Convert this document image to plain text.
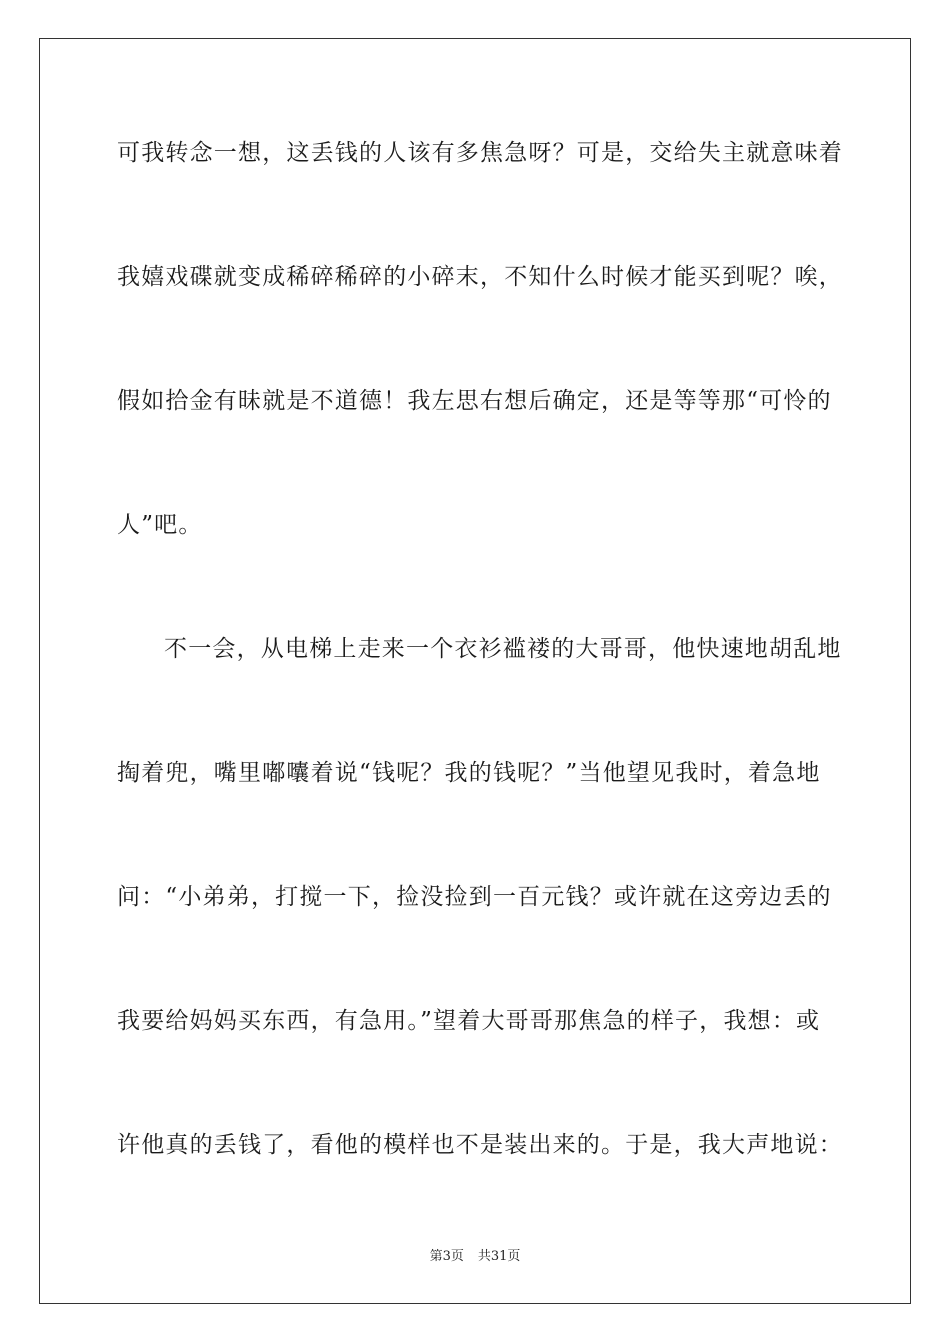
可我转念一想，这丢钱的人该有多焦急呀？可是，交给失主就意味着
我嬉戏碟就变成稀碎稀碎的小碎末，不知什么时候才能买到呢？唉，
假如拾金有昧就是不道德！我左思右想后确定，还是等等那“可怜的
人”吧。
不一会，从电梯上走来一个衣衫褴褛的大哥哥，他快速地胡乱地
掏着兜，嘴里嘟囔着说“钱呢？我的钱呢？”当他望见我时，着急地
问：“小弟弟，打搅一下，捡没捡到一百元钱？或许就在这旁边丢的
我要给妈妈买东西，有急用。”望着大哥哥那焦急的样子，我想：或
许他真的丢钱了，看他的模样也不是装出来的。于是，我大声地说：
第3页 共31页
